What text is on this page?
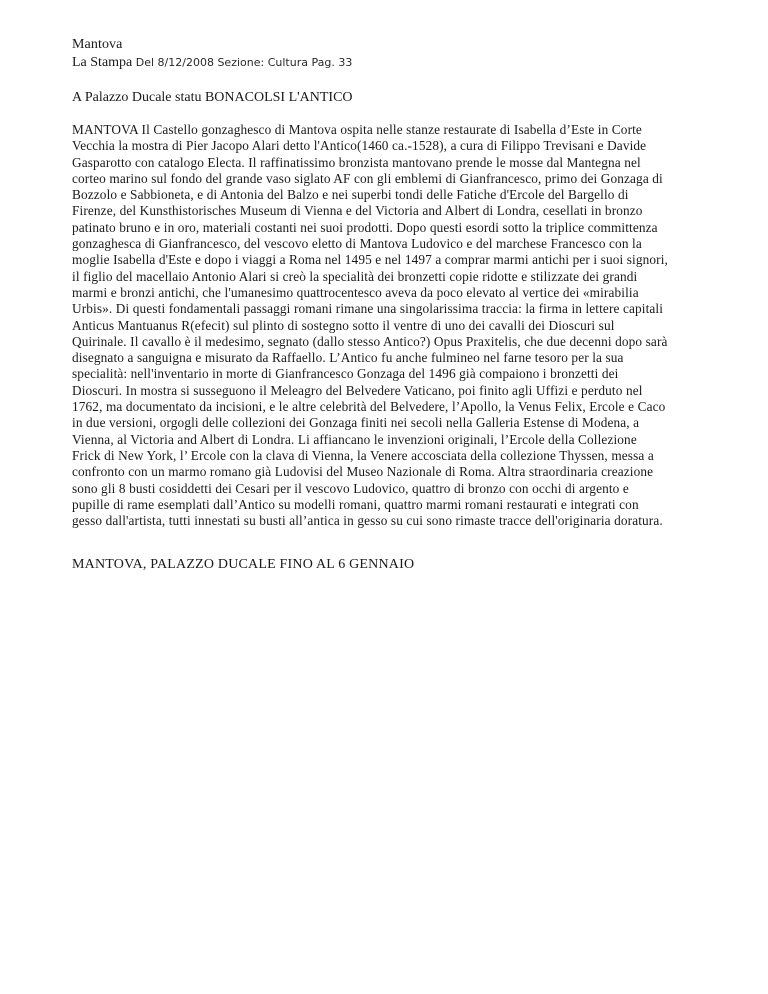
Mantova
La Stampa Del 8/12/2008 Sezione: Cultura Pag. 33
A Palazzo Ducale statu BONACOLSI L'ANTICO
MANTOVA Il Castello gonzaghesco di Mantova ospita nelle stanze restaurate di Isabella d’Este in Corte
Vecchia la mostra di Pier Jacopo Alari detto l'Antico(1460 ca.-1528), a cura di Filippo Trevisani e Davide
Gasparotto con catalogo Electa. Il raffinatissimo bronzista mantovano prende le mosse dal Mantegna nel
corteo marino sul fondo del grande vaso siglato AF con gli emblemi di Gianfrancesco, primo dei Gonzaga di
Bozzolo e Sabbioneta, e di Antonia del Balzo e nei superbi tondi delle Fatiche d'Ercole del Bargello di
Firenze, del Kunsthistorisches Museum di Vienna e del Victoria and Albert di Londra, cesellati in bronzo
patinato bruno e in oro, materiali costanti nei suoi prodotti. Dopo questi esordi sotto la triplice committenza
gonzaghesca di Gianfrancesco, del vescovo eletto di Mantova Ludovico e del marchese Francesco con la
moglie Isabella d'Este e dopo i viaggi a Roma nel 1495 e nel 1497 a comprar marmi antichi per i suoi signori,
il figlio del macellaio Antonio Alari si creò la specialità dei bronzetti copie ridotte e stilizzate dei grandi
marmi e bronzi antichi, che l'umanesimo quattrocentesco aveva da poco elevato al vertice dei «mirabilia
Urbis». Di questi fondamentali passaggi romani rimane una singolarissima traccia: la firma in lettere capitali
Anticus Mantuanus R(efecit) sul plinto di sostegno sotto il ventre di uno dei cavalli dei Dioscuri sul
Quirinale. Il cavallo è il medesimo, segnato (dallo stesso Antico?) Opus Praxitelis, che due decenni dopo sarà
disegnato a sanguigna e misurato da Raffaello. L’Antico fu anche fulmineo nel farne tesoro per la sua
specialità: nell'inventario in morte di Gianfrancesco Gonzaga del 1496 già compaiono i bronzetti dei
Dioscuri. In mostra si susseguono il Meleagro del Belvedere Vaticano, poi finito agli Uffizi e perduto nel
1762, ma documentato da incisioni, e le altre celebrità del Belvedere, l’Apollo, la Venus Felix, Ercole e Caco
in due versioni, orgogli delle collezioni dei Gonzaga finiti nei secoli nella Galleria Estense di Modena, a
Vienna, al Victoria and Albert di Londra. Li affiancano le invenzioni originali, l’Ercole della Collezione
Frick di New York, l’ Ercole con la clava di Vienna, la Venere accosciata della collezione Thyssen, messa a
confronto con un marmo romano già Ludovisi del Museo Nazionale di Roma. Altra straordinaria creazione
sono gli 8 busti cosiddetti dei Cesari per il vescovo Ludovico, quattro di bronzo con occhi di argento e
pupille di rame esemplati dall’Antico su modelli romani, quattro marmi romani restaurati e integrati con
gesso dall'artista, tutti innestati su busti all’antica in gesso su cui sono rimaste tracce dell'originaria doratura.
MANTOVA, PALAZZO DUCALE FINO AL 6 GENNAIO
